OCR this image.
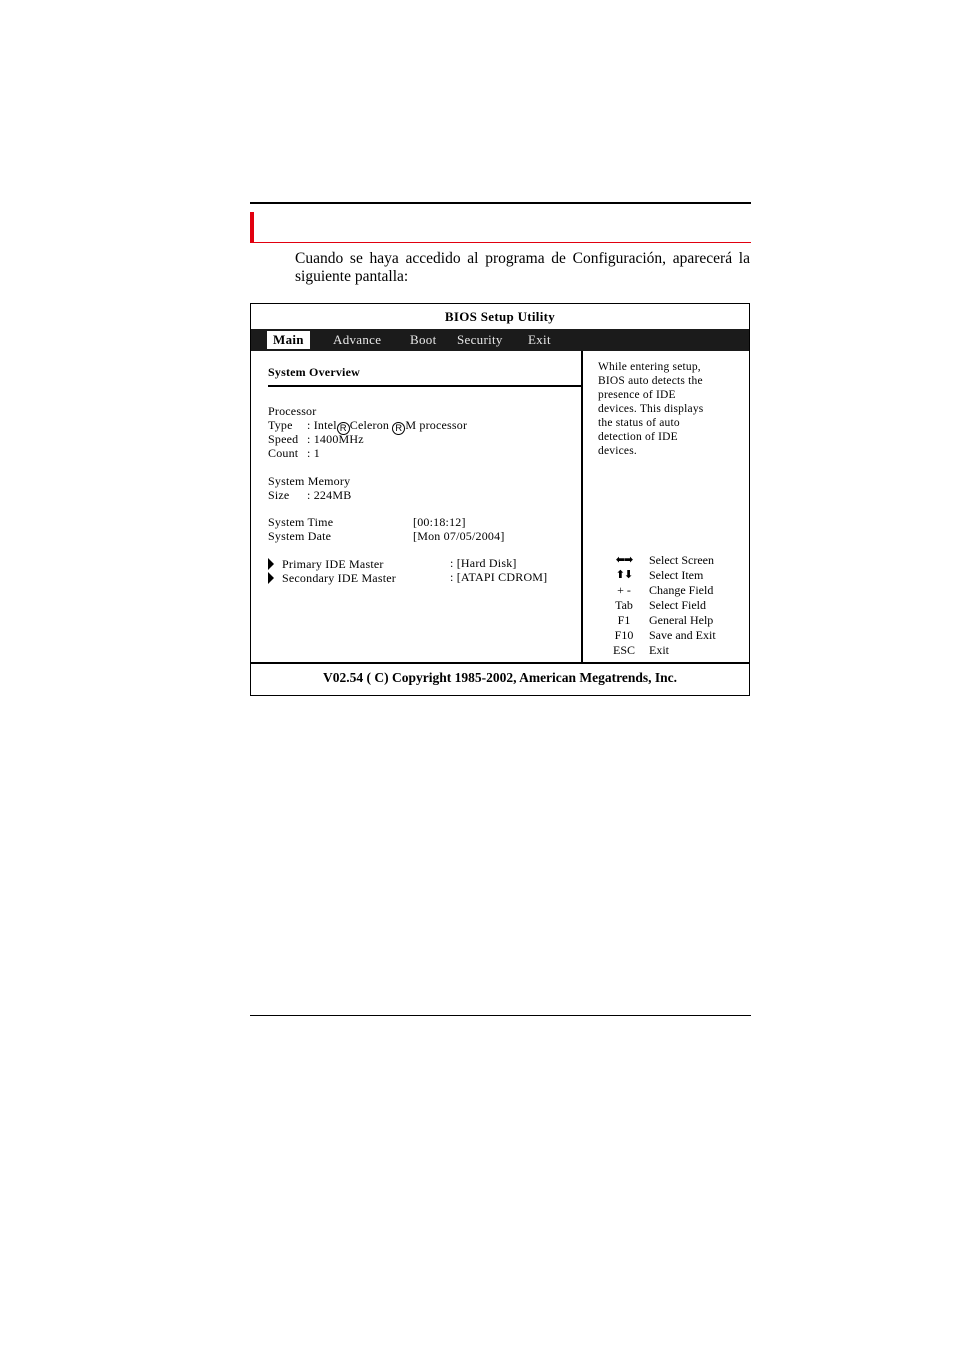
Cuando se haya accedido al programa de Configuración, aparecerá la siguiente pantalla:
BIOS Setup Utility
Main	Advance Boot Security Exit
System Overview
Processor
Type : Intel R Celeron R M processor
Speed : 1400MHz
Count : 1
System Memory
Size : 224MB
System Time	[00:18:12]
System Date	[Mon 07/05/2004]
Primary IDE Master	: [Hard Disk]
Secondary IDE Master	: [ATAPI CDROM]
While entering setup,
BIOS auto detects the
presence of IDE
devices. This displays
the status of auto
detection of IDE
devices.
⬅➡	Select Screen
⬆⬇	Select Item
+ -	Change Field
Tab	Select Field
F1	General Help
F10	Save and Exit
ESC	Exit
V02.54 ( C) Copyright 1985-2002, American Megatrends, Inc.
